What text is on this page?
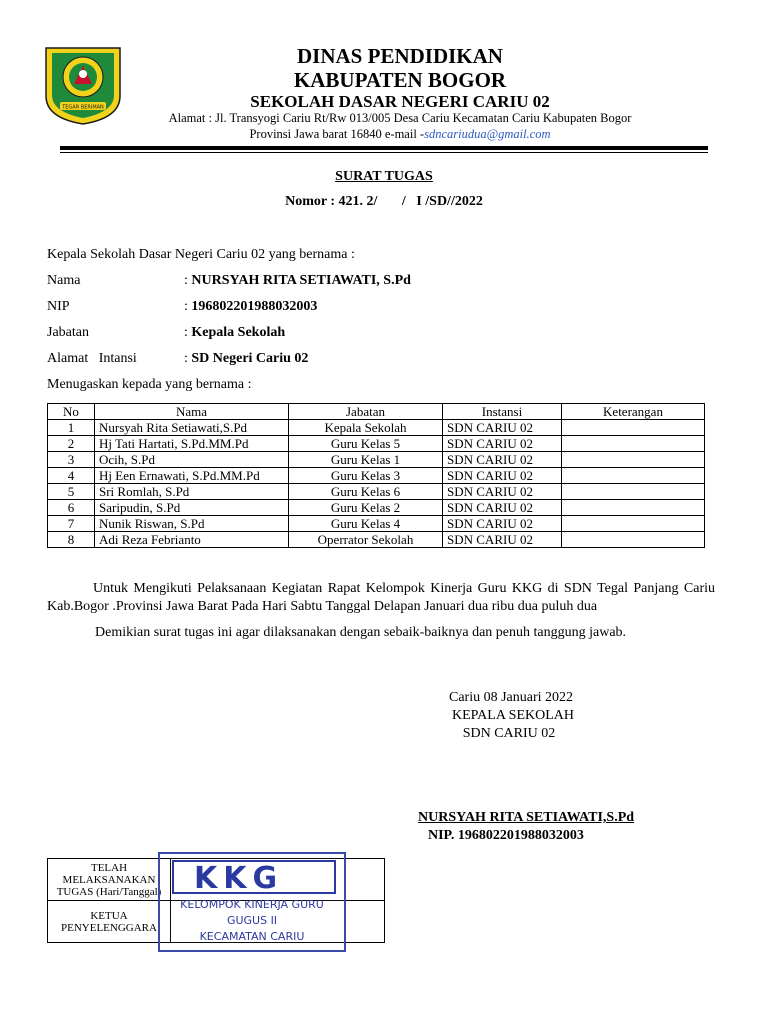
TEGAR BERIMAN
DINAS PENDIDIKAN
KABUPATEN BOGOR
SEKOLAH DASAR NEGERI CARIU 02
Alamat : Jl. Transyogi Cariu Rt/Rw 013/005 Desa Cariu Kecamatan Cariu Kabupaten Bogor
Provinsi Jawa barat 16840 e-mail -sdncariudua@gmail.com
SURAT TUGAS
Nomor : 421. 2/       /   I /SD//2022
Kepala Sekolah Dasar Negeri Cariu 02 yang bernama :
Nama	: NURSYAH RITA SETIAWATI, S.Pd
NIP	: 196802201988032003
Jabatan	: Kepala Sekolah
Alamat   Intansi	: SD Negeri Cariu 02
Menugaskan kepada yang bernama :
No	Nama	Jabatan	Instansi	Keterangan
1	Nursyah Rita Setiawati,S.Pd	Kepala Sekolah	SDN CARIU 02	
2	Hj Tati Hartati, S.Pd.MM.Pd	Guru Kelas 5	SDN CARIU 02	
3	Ocih, S.Pd	Guru Kelas 1	SDN CARIU 02	
4	Hj Een Ernawati, S.Pd.MM.Pd	Guru Kelas 3	SDN CARIU 02	
5	Sri Romlah, S.Pd	Guru Kelas 6	SDN CARIU 02	
6	Saripudin, S.Pd	Guru Kelas 2	SDN CARIU 02	
7	Nunik Riswan, S.Pd	Guru Kelas 4	SDN CARIU 02	
8	Adi Reza Febrianto	Operrator Sekolah	SDN CARIU 02	
Untuk Mengikuti Pelaksanaan Kegiatan Rapat Kelompok Kinerja Guru KKG di SDN Tegal Panjang Cariu Kab.Bogor .Provinsi Jawa Barat Pada Hari Sabtu Tanggal Delapan Januari dua ribu dua puluh dua
Demikian surat tugas ini agar dilaksanakan dengan sebaik-baiknya dan penuh tanggung jawab.
Cariu 08 Januari 2022
KEPALA SEKOLAH
SDN CARIU 02
NURSYAH RITA SETIAWATI,S.Pd
NIP. 196802201988032003
TELAH MELAKSANAKAN TUGAS (Hari/Tanggal)	
KETUA PENYELENGGARA	
KKG
KELOMPOK KINERJA GURU
GUGUS II
KECAMATAN CARIU
